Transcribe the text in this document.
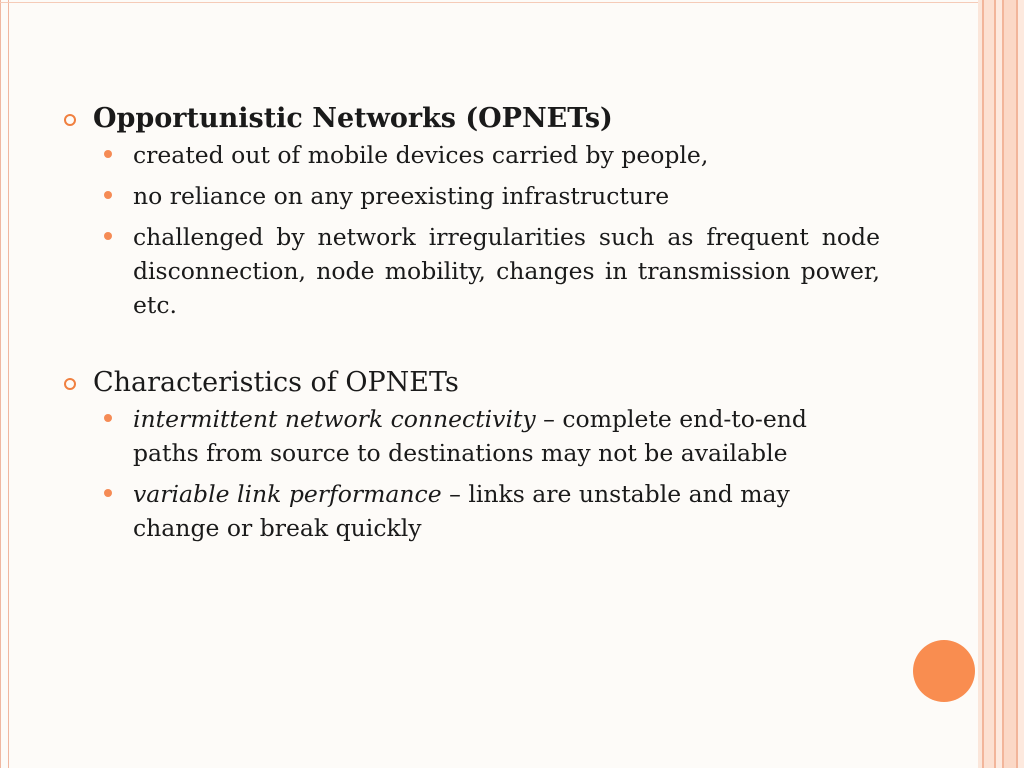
Opportunistic Networks (OPNETs)
created out of mobile devices carried by people,
no reliance on any preexisting infrastructure
challenged by network irregularities such as frequent node disconnection, node mobility, changes in transmission power, etc.
Characteristics of OPNETs
intermittent network connectivity – complete end-to-end paths from source to destinations may not be available
variable link performance – links are unstable and may change or break quickly
